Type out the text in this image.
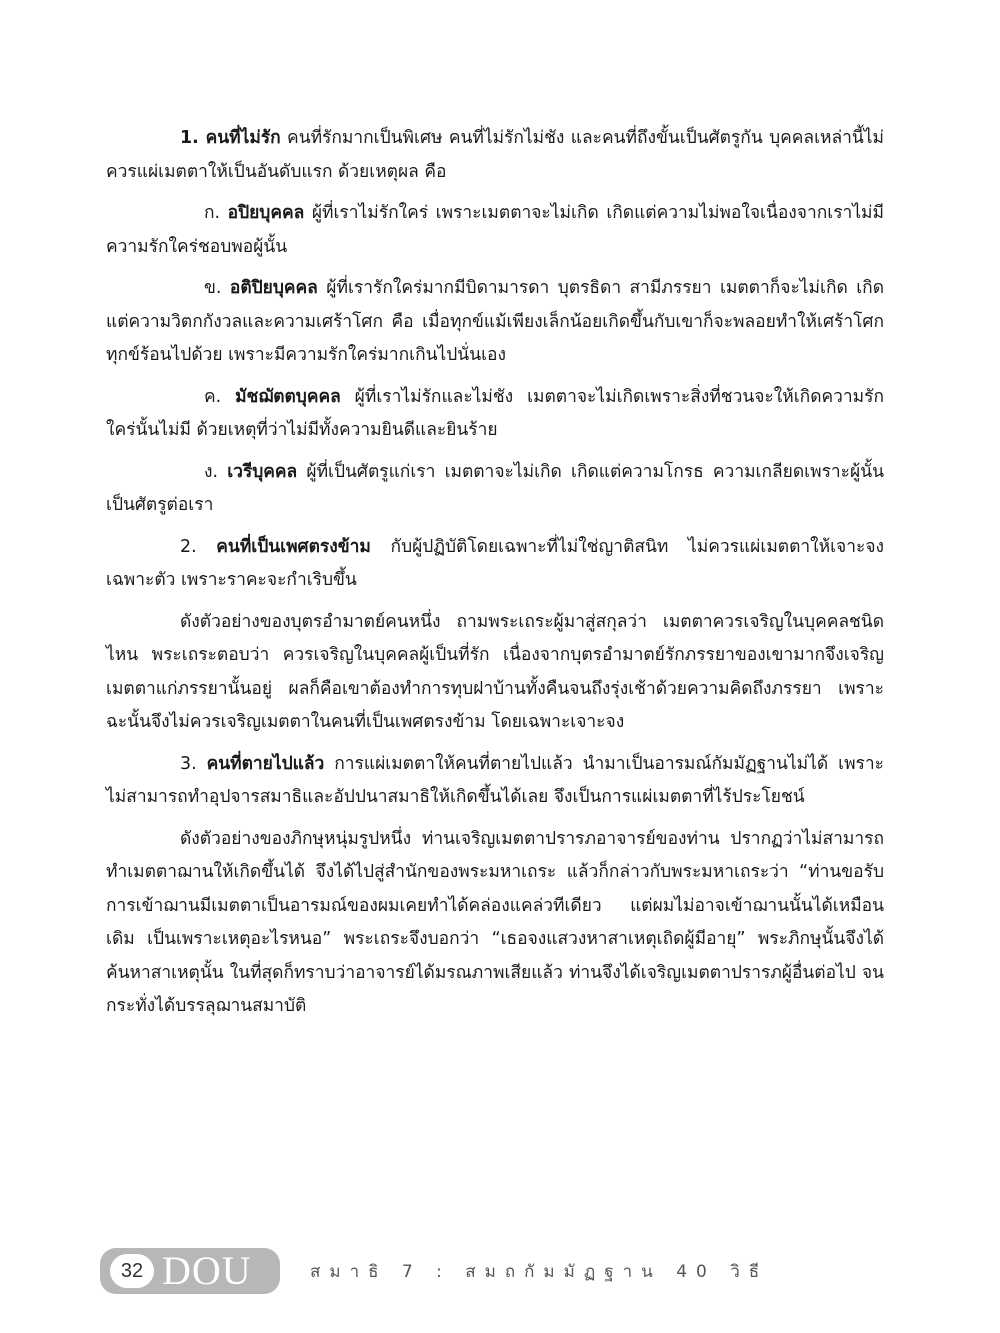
1. คนที่ไม่รัก คนที่รักมากเป็นพิเศษ คนที่ไม่รักไม่ชัง และคนที่ถึงขั้นเป็นศัตรูกัน บุคคลเหล่านี้ไม่ควรแผ่เมตตาให้เป็นอันดับแรก ด้วยเหตุผล คือ

ก. อปิยบุคคล ผู้ที่เราไม่รักใคร่ เพราะเมตตาจะไม่เกิด เกิดแต่ความไม่พอใจเนื่องจากเราไม่มีความรักใคร่ชอบพอผู้นั้น

ข. อติปิยบุคคล ผู้ที่เรารักใคร่มากมีบิดามารดา บุตรธิดา สามีภรรยา เมตตาก็จะไม่เกิด เกิดแต่ความวิตกกังวลและความเศร้าโศก คือ เมื่อทุกข์แม้เพียงเล็กน้อยเกิดขึ้นกับเขาก็จะพลอยทำให้เศร้าโศกทุกข์ร้อนไปด้วย เพราะมีความรักใคร่มากเกินไปนั่นเอง

ค. มัชฌัตตบุคคล ผู้ที่เราไม่รักและไม่ชัง เมตตาจะไม่เกิดเพราะสิ่งที่ชวนจะให้เกิดความรักใคร่นั้นไม่มี ด้วยเหตุที่ว่าไม่มีทั้งความยินดีและยินร้าย

ง. เวรีบุคคล ผู้ที่เป็นศัตรูแก่เรา เมตตาจะไม่เกิด เกิดแต่ความโกรธ ความเกลียดเพราะผู้นั้นเป็นศัตรูต่อเรา

2. คนที่เป็นเพศตรงข้าม กับผู้ปฏิบัติโดยเฉพาะที่ไม่ใช่ญาติสนิท ไม่ควรแผ่เมตตาให้เจาะจงเฉพาะตัว เพราะราคะจะกำเริบขึ้น

ดังตัวอย่างของบุตรอำมาตย์คนหนึ่ง ถามพระเถระผู้มาสู่สกุลว่า เมตตาควรเจริญในบุคคลชนิดไหน พระเถระตอบว่า ควรเจริญในบุคคลผู้เป็นที่รัก เนื่องจากบุตรอำมาตย์รักภรรยาของเขามากจึงเจริญเมตตาแก่ภรรยานั้นอยู่ ผลก็คือเขาต้องทำการทุบฝาบ้านทั้งคืนจนถึงรุ่งเช้าด้วยความคิดถึงภรรยา เพราะฉะนั้นจึงไม่ควรเจริญเมตตาในคนที่เป็นเพศตรงข้าม โดยเฉพาะเจาะจง

3. คนที่ตายไปแล้ว การแผ่เมตตาให้คนที่ตายไปแล้ว นำมาเป็นอารมณ์กัมมัฏฐานไม่ได้ เพราะไม่สามารถทำอุปจารสมาธิและอัปปนาสมาธิให้เกิดขึ้นได้เลย จึงเป็นการแผ่เมตตาที่ไร้ประโยชน์

ดังตัวอย่างของภิกษุหนุ่มรูปหนึ่ง ท่านเจริญเมตตาปรารภอาจารย์ของท่าน ปรากฏว่าไม่สามารถทำเมตตาฌานให้เกิดขึ้นได้ จึงได้ไปสู่สำนักของพระมหาเถระ แล้วก็กล่าวกับพระมหาเถระว่า “ท่านขอรับ การเข้าฌานมีเมตตาเป็นอารมณ์ของผมเคยทำได้คล่องแคล่วทีเดียว แต่ผมไม่อาจเข้าฌานนั้นได้เหมือนเดิม เป็นเพราะเหตุอะไรหนอ” พระเถระจึงบอกว่า “เธอจงแสวงหาสาเหตุเถิดผู้มีอายุ” พระภิกษุนั้นจึงได้ค้นหาสาเหตุนั้น ในที่สุดก็ทราบว่าอาจารย์ได้มรณภาพเสียแล้ว ท่านจึงได้เจริญเมตตาปรารภผู้อื่นต่อไป จนกระทั่งได้บรรลุฌานสมาบัติ

32 DOU	สมาธิ 7 : สมถกัมมัฏฐาน 40 วิธี
